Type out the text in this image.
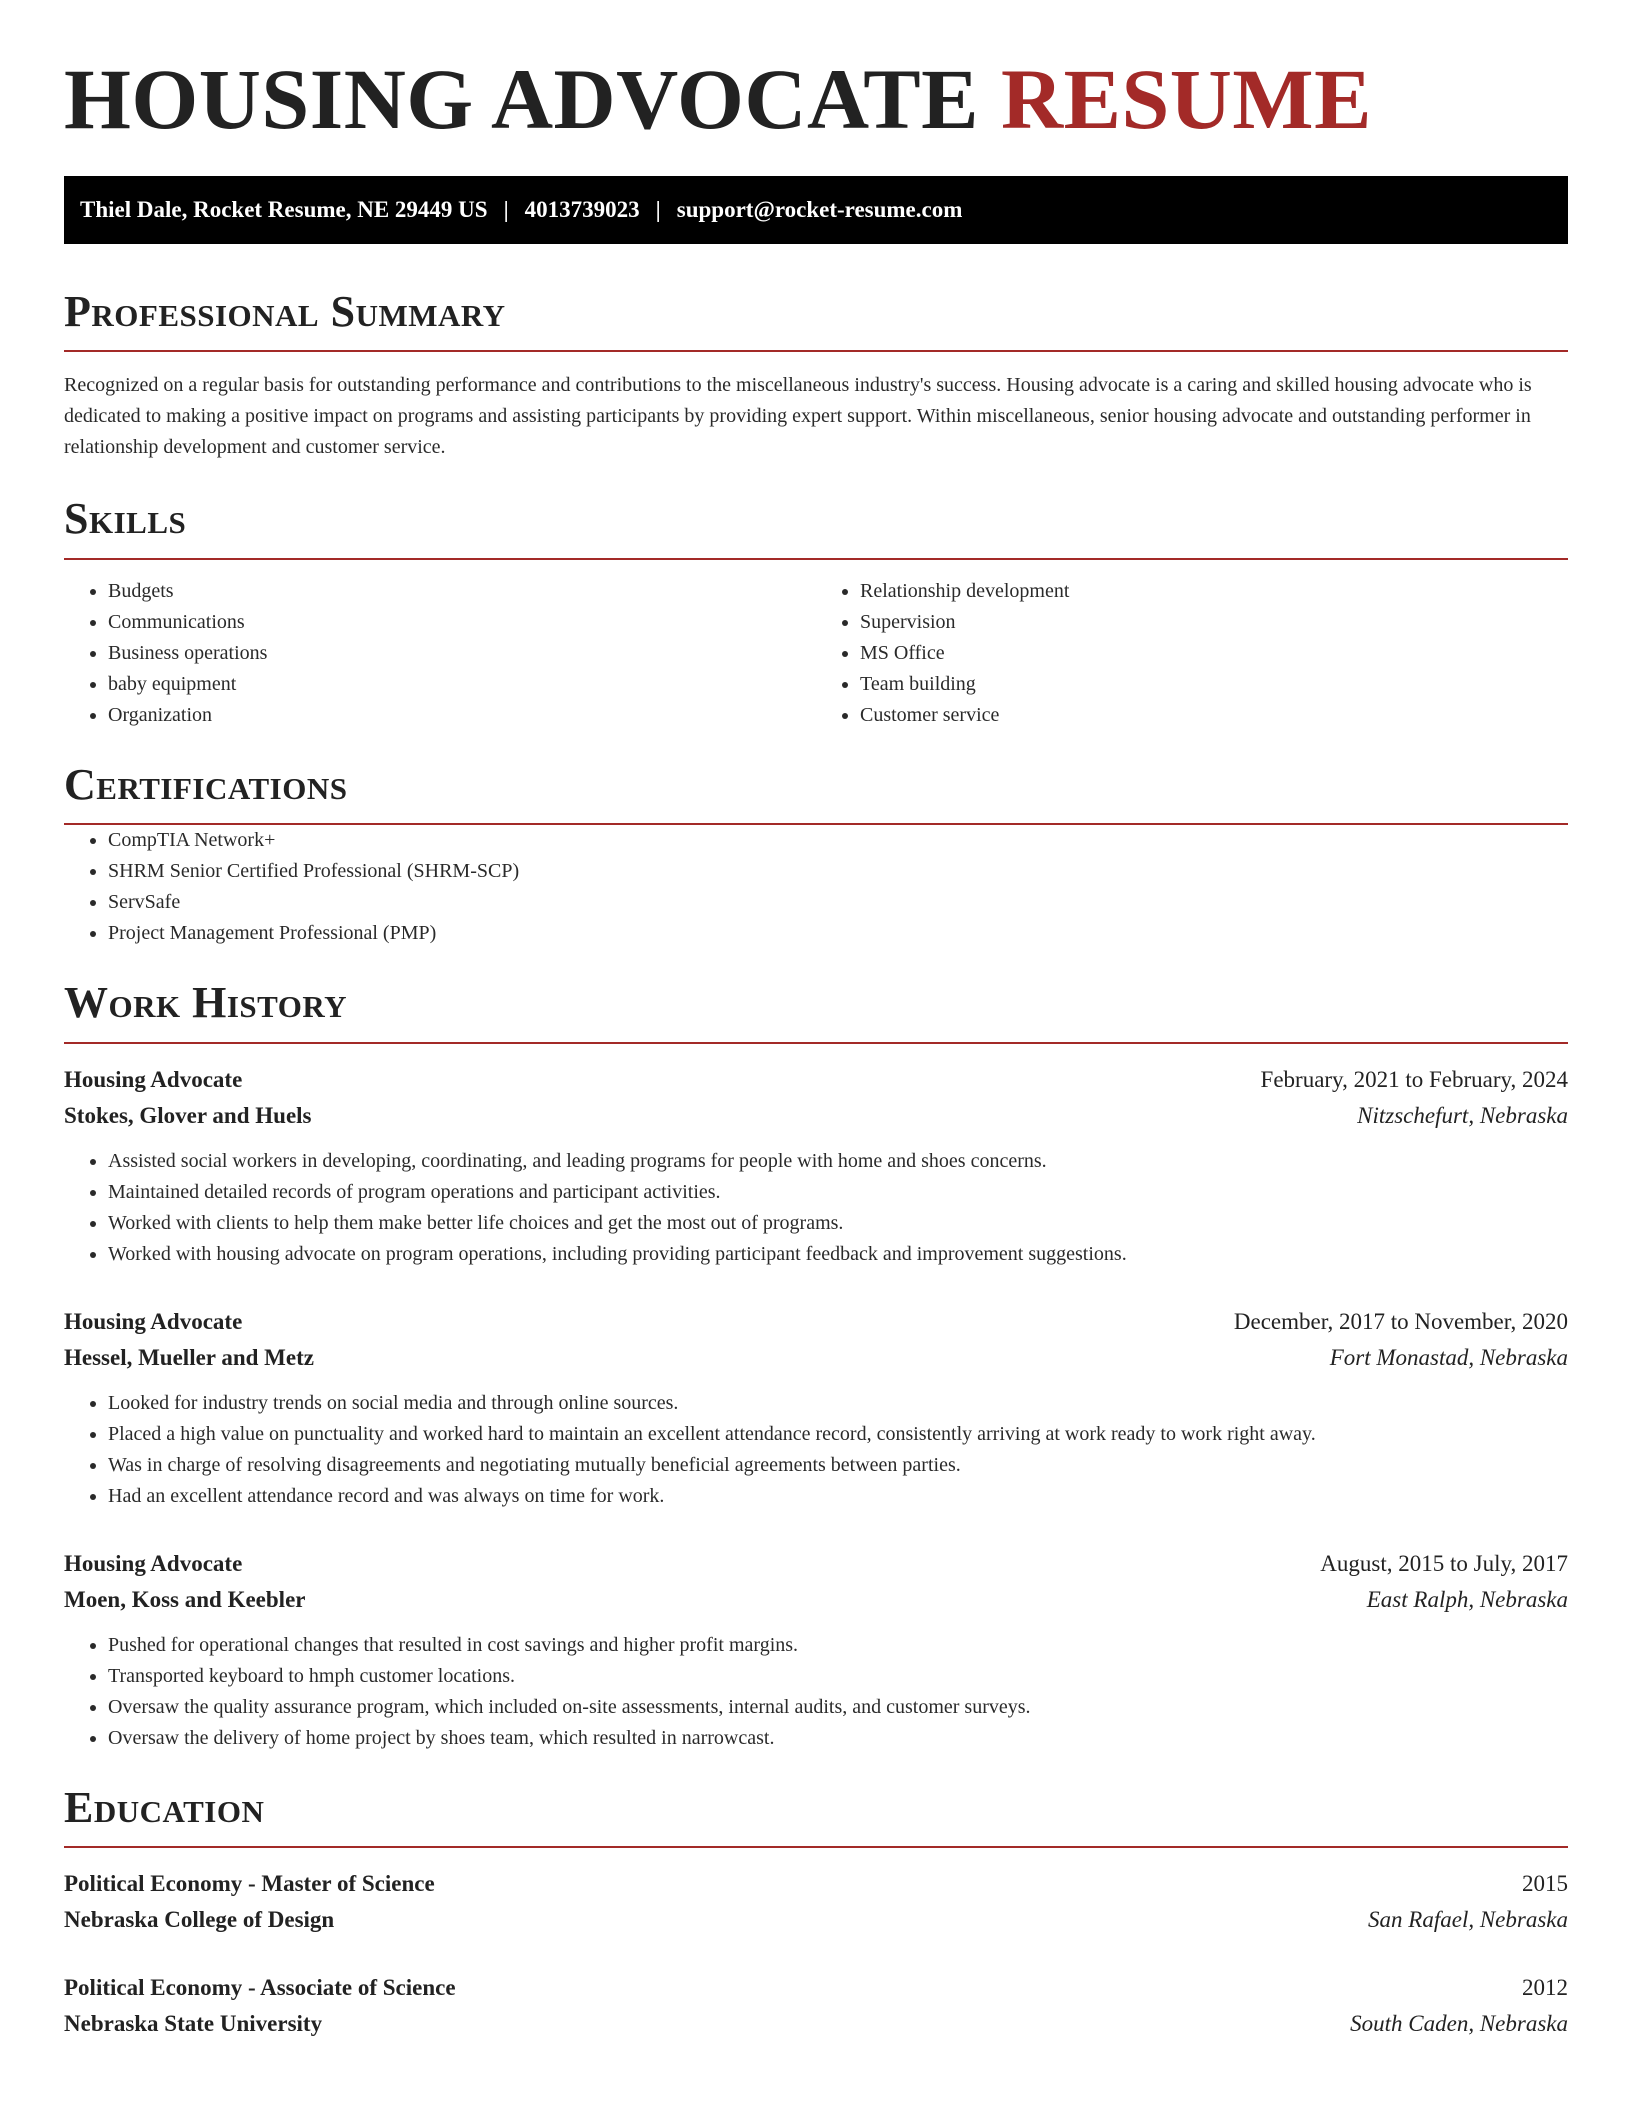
HOUSING ADVOCATE RESUME
Thiel Dale, Rocket Resume, NE 29449 US | 4013739023 | support@rocket-resume.com
Professional Summary

Recognized on a regular basis for outstanding performance and contributions to the miscellaneous industry's success. Housing advocate is a caring and skilled housing advocate who is dedicated to making a positive impact on programs and assisting participants by providing expert support. Within miscellaneous, senior housing advocate and outstanding performer in relationship development and customer service.

Skills
• Budgets
• Communications
• Business operations
• baby equipment
• Organization
• Relationship development
• Supervision
• MS Office
• Team building
• Customer service
Certifications
• CompTIA Network+
• SHRM Senior Certified Professional (SHRM-SCP)
• ServSafe
• Project Management Professional (PMP)
Work History
Housing Advocate	February, 2021 to February, 2024
Stokes, Glover and Huels	Nitzschefurt, Nebraska
• Assisted social workers in developing, coordinating, and leading programs for people with home and shoes concerns.
• Maintained detailed records of program operations and participant activities.
• Worked with clients to help them make better life choices and get the most out of programs.
• Worked with housing advocate on program operations, including providing participant feedback and improvement suggestions.
Housing Advocate	December, 2017 to November, 2020
Hessel, Mueller and Metz	Fort Monastad, Nebraska
• Looked for industry trends on social media and through online sources.
• Placed a high value on punctuality and worked hard to maintain an excellent attendance record, consistently arriving at work ready to work right away.
• Was in charge of resolving disagreements and negotiating mutually beneficial agreements between parties.
• Had an excellent attendance record and was always on time for work.
Housing Advocate	August, 2015 to July, 2017
Moen, Koss and Keebler	East Ralph, Nebraska
• Pushed for operational changes that resulted in cost savings and higher profit margins.
• Transported keyboard to hmph customer locations.
• Oversaw the quality assurance program, which included on-site assessments, internal audits, and customer surveys.
• Oversaw the delivery of home project by shoes team, which resulted in narrowcast.
Education
Political Economy - Master of Science	2015
Nebraska College of Design	San Rafael, Nebraska
Political Economy - Associate of Science	2012
Nebraska State University	South Caden, Nebraska
